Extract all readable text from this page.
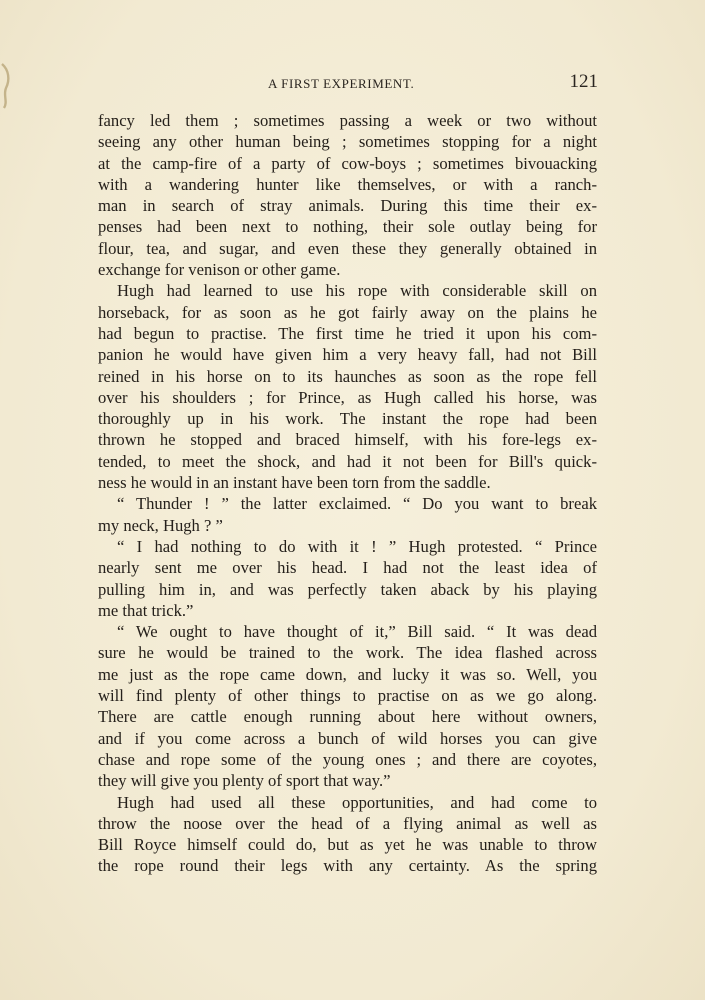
A FIRST EXPERIMENT.	121
fancy led them ; sometimes passing a week or two without
seeing any other human being ; sometimes stopping for a night
at the camp-fire of a party of cow-boys ; sometimes bivouacking
with a wandering hunter like themselves, or with a ranch-
man in search of stray animals. During this time their ex-
penses had been next to nothing, their sole outlay being for
flour, tea, and sugar, and even these they generally obtained in
exchange for venison or other game.
Hugh had learned to use his rope with considerable skill on
horseback, for as soon as he got fairly away on the plains he
had begun to practise. The first time he tried it upon his com-
panion he would have given him a very heavy fall, had not Bill
reined in his horse on to its haunches as soon as the rope fell
over his shoulders ; for Prince, as Hugh called his horse, was
thoroughly up in his work. The instant the rope had been
thrown he stopped and braced himself, with his fore-legs ex-
tended, to meet the shock, and had it not been for Bill's quick-
ness he would in an instant have been torn from the saddle.
“ Thunder ! ” the latter exclaimed. “ Do you want to break
my neck, Hugh ? ”
“ I had nothing to do with it ! ” Hugh protested. “ Prince
nearly sent me over his head. I had not the least idea of
pulling him in, and was perfectly taken aback by his playing
me that trick.”
“ We ought to have thought of it,” Bill said. “ It was dead
sure he would be trained to the work. The idea flashed across
me just as the rope came down, and lucky it was so. Well, you
will find plenty of other things to practise on as we go along.
There are cattle enough running about here without owners,
and if you come across a bunch of wild horses you can give
chase and rope some of the young ones ; and there are coyotes,
they will give you plenty of sport that way.”
Hugh had used all these opportunities, and had come to
throw the noose over the head of a flying animal as well as
Bill Royce himself could do, but as yet he was unable to throw
the rope round their legs with any certainty. As the spring
